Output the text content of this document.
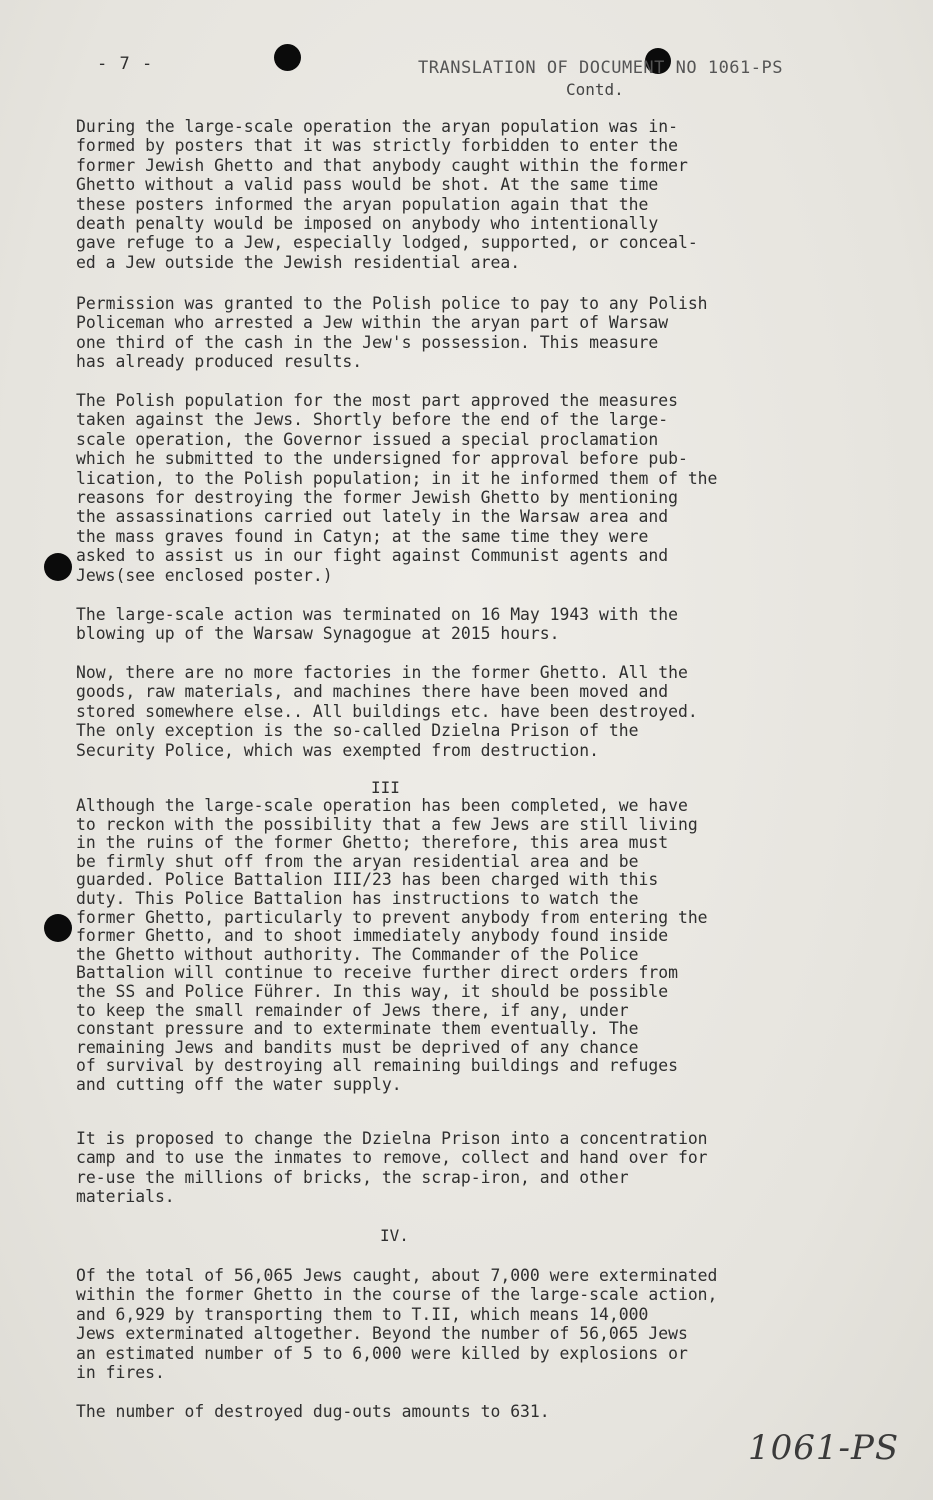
- 7 -	TRANSLATION OF DOCUMENT NO 1061-PS
Contd.

During the large-scale operation the aryan population was in-
formed by posters that it was strictly forbidden to enter the
former Jewish Ghetto and that anybody caught within the former
Ghetto without a valid pass would be shot. At the same time
these posters informed the aryan population again that the
death penalty would be imposed on anybody who intentionally
gave refuge to a Jew, especially lodged, supported, or conceal-
ed a Jew outside the Jewish residential area.

Permission was granted to the Polish police to pay to any Polish
Policeman who arrested a Jew within the aryan part of Warsaw
one third of the cash in the Jew's possession. This measure
has already produced results.

The Polish population for the most part approved the measures
taken against the Jews. Shortly before the end of the large-
scale operation, the Governor issued a special proclamation
which he submitted to the undersigned for approval before pub-
lication, to the Polish population; in it he informed them of the
reasons for destroying the former Jewish Ghetto by mentioning
the assassinations carried out lately in the Warsaw area and
the mass graves found in Catyn; at the same time they were
asked to assist us in our fight against Communist agents and
Jews(see enclosed poster.)

The large-scale action was terminated on 16 May 1943 with the
blowing up of the Warsaw Synagogue at 2015 hours.

Now, there are no more factories in the former Ghetto. All the
goods, raw materials, and machines there have been moved and
stored somewhere else.. All buildings etc. have been destroyed.
The only exception is the so-called Dzielna Prison of the
Security Police, which was exempted from destruction.

III

Although the large-scale operation has been completed, we have
to reckon with the possibility that a few Jews are still living
in the ruins of the former Ghetto; therefore, this area must
be firmly shut off from the aryan residential area and be
guarded. Police Battalion III/23 has been charged with this
duty. This Police Battalion has instructions to watch the
former Ghetto, particularly to prevent anybody from entering the
former Ghetto, and to shoot immediately anybody found inside
the Ghetto without authority. The Commander of the Police
Battalion will continue to receive further direct orders from
the SS and Police Führer. In this way, it should be possible
to keep the small remainder of Jews there, if any, under
constant pressure and to exterminate them eventually. The
remaining Jews and bandits must be deprived of any chance
of survival by destroying all remaining buildings and refuges
and cutting off the water supply.

It is proposed to change the Dzielna Prison into a concentration
camp and to use the inmates to remove, collect and hand over for
re-use the millions of bricks, the scrap-iron, and other
materials.

IV.

Of the total of 56,065 Jews caught, about 7,000 were exterminated
within the former Ghetto in the course of the large-scale action,
and 6,929 by transporting them to T.II, which means 14,000
Jews exterminated altogether. Beyond the number of 56,065 Jews
an estimated number of 5 to 6,000 were killed by explosions or
in fires.

The number of destroyed dug-outs amounts to 631.

1061-PS
